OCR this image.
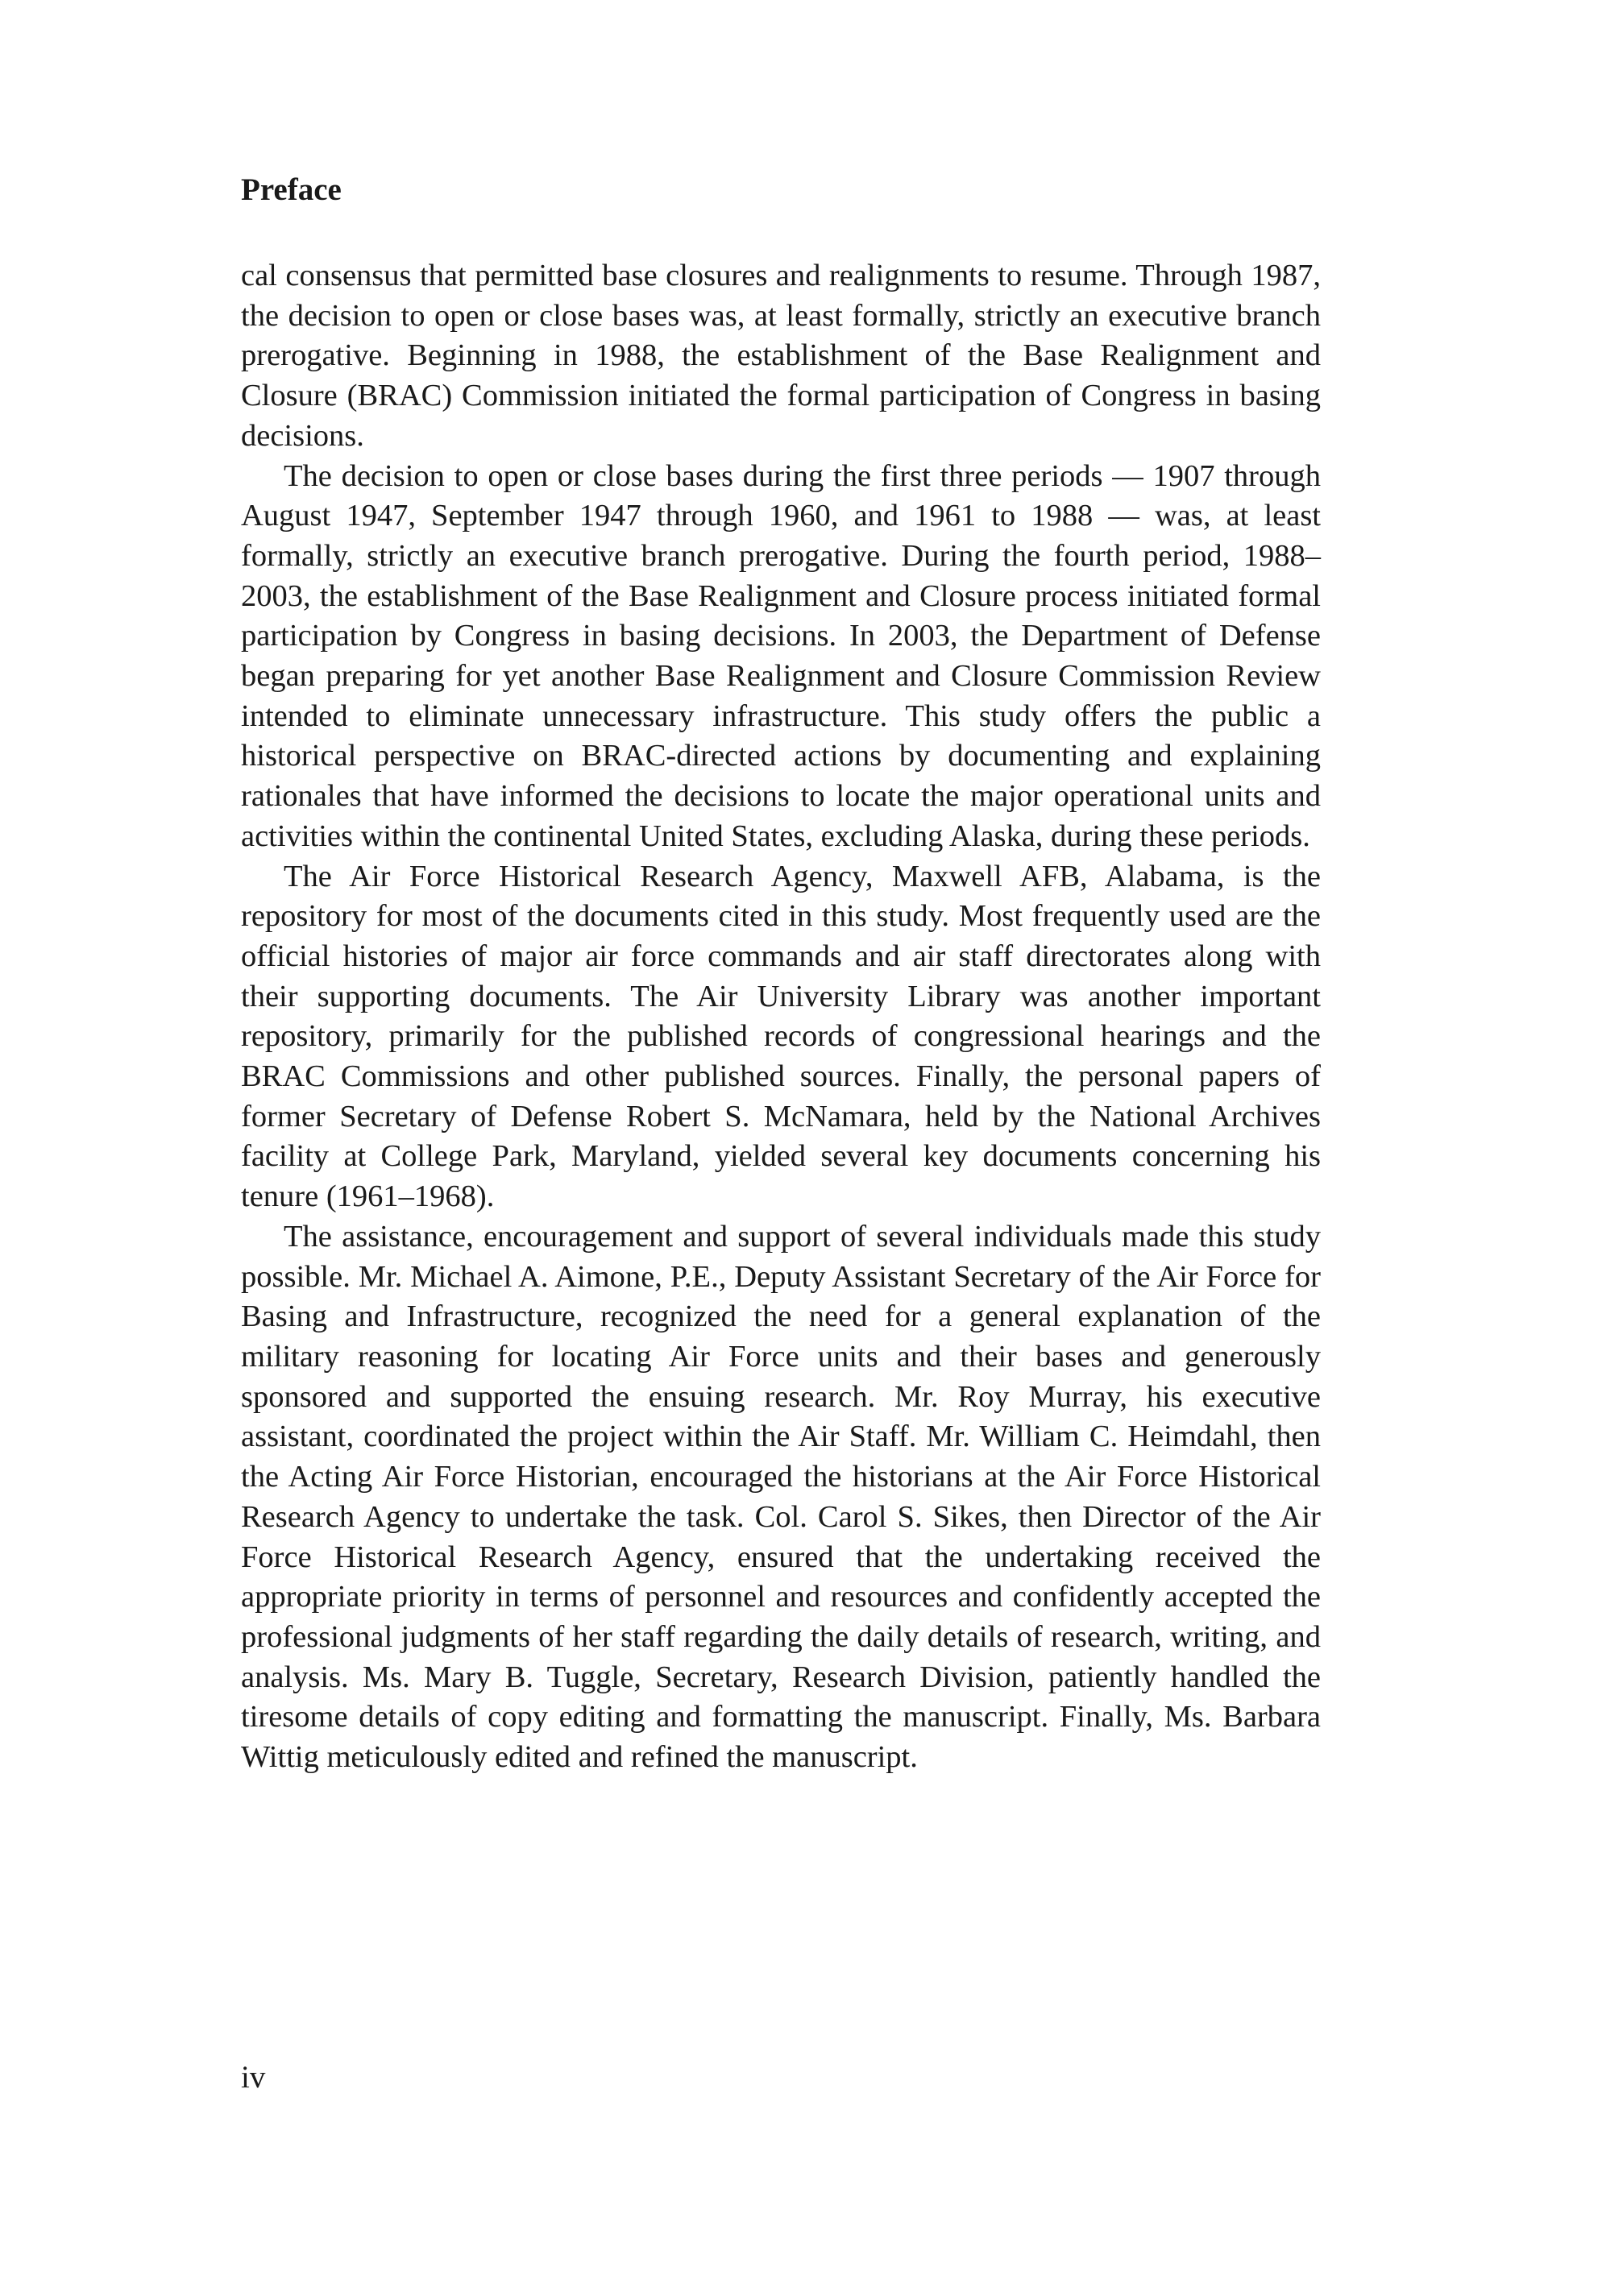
Preface

cal consensus that permitted base closures and realignments to resume. Through 1987, the decision to open or close bases was, at least formally, strictly an executive branch prerogative. Beginning in 1988, the establishment of the Base Realignment and Closure (BRAC) Commission initiated the formal participation of Congress in basing decisions.

The decision to open or close bases during the first three periods — 1907 through August 1947, September 1947 through 1960, and 1961 to 1988 — was, at least formally, strictly an executive branch prerogative. During the fourth period, 1988–2003, the establishment of the Base Realignment and Closure process initiated formal participation by Congress in basing decisions. In 2003, the Department of Defense began preparing for yet another Base Realignment and Closure Commission Review intended to eliminate unnecessary infrastructure. This study offers the public a historical perspective on BRAC-directed actions by documenting and explaining rationales that have informed the decisions to locate the major operational units and activities within the continental United States, excluding Alaska, during these periods.

The Air Force Historical Research Agency, Maxwell AFB, Alabama, is the repository for most of the documents cited in this study. Most frequently used are the official histories of major air force commands and air staff directorates along with their supporting documents. The Air University Library was another important repository, primarily for the published records of congressional hearings and the BRAC Commissions and other published sources. Finally, the personal papers of former Secretary of Defense Robert S. McNamara, held by the National Archives facility at College Park, Maryland, yielded several key documents concerning his tenure (1961–1968).

The assistance, encouragement and support of several individuals made this study possible. Mr. Michael A. Aimone, P.E., Deputy Assistant Secretary of the Air Force for Basing and Infrastructure, recognized the need for a general explanation of the military reasoning for locating Air Force units and their bases and generously sponsored and supported the ensuing research. Mr. Roy Murray, his executive assistant, coordinated the project within the Air Staff. Mr. William C. Heimdahl, then the Acting Air Force Historian, encouraged the historians at the Air Force Historical Research Agency to undertake the task. Col. Carol S. Sikes, then Director of the Air Force Historical Research Agency, ensured that the undertaking received the appropriate priority in terms of personnel and resources and confidently accepted the professional judgments of her staff regarding the daily details of research, writing, and analysis. Ms. Mary B. Tuggle, Secretary, Research Division, patiently handled the tiresome details of copy editing and formatting the manuscript. Finally, Ms. Barbara Wittig meticulously edited and refined the manuscript.

iv
